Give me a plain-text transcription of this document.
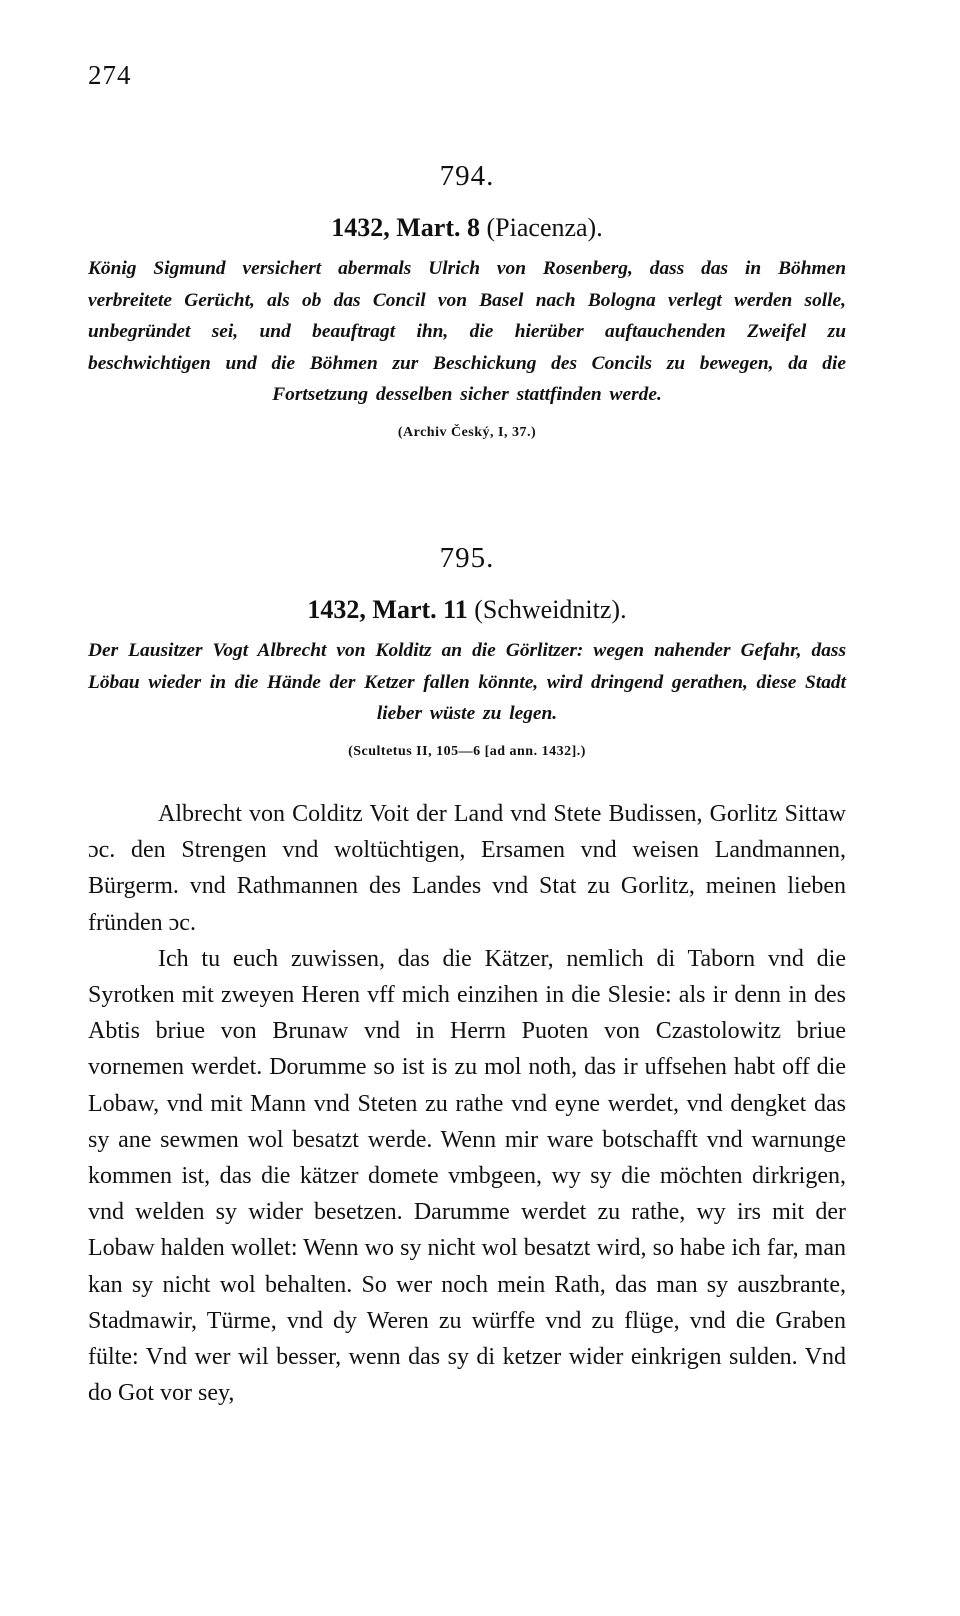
274
794.
1432, Mart. 8 (Piacenza).
König Sigmund versichert abermals Ulrich von Rosenberg, dass das in Böhmen verbreitete Gerücht, als ob das Concil von Basel nach Bologna verlegt werden solle, unbegründet sei, und beauftragt ihn, die hierüber auftauchenden Zweifel zu beschwichtigen und die Böhmen zur Beschickung des Concils zu bewegen, da die Fortsetzung desselben sicher stattfinden werde.
(Archiv Český, I, 37.)
795.
1432, Mart. 11 (Schweidnitz).
Der Lausitzer Vogt Albrecht von Kolditz an die Görlitzer: wegen nahender Gefahr, dass Löbau wieder in die Hände der Ketzer fallen könnte, wird dringend gerathen, diese Stadt lieber wüste zu legen.
(Scultetus II, 105—6 [ad ann. 1432].)

Albrecht von Colditz Voit der Land vnd Stete Budissen, Gorlitz Sittaw ɔc. den Strengen vnd woltüchtigen, Ersamen vnd weisen Landmannen, Bürgerm. vnd Rathmannen des Landes vnd Stat zu Gorlitz, meinen lieben fründen ɔc.

Ich tu euch zuwissen, das die Kätzer, nemlich di Taborn vnd die Syrotken mit zweyen Heren vff mich einzihen in die Slesie: als ir denn in des Abtis briue von Brunaw vnd in Herrn Puoten von Czastolowitz briue vornemen werdet. Dorumme so ist is zu mol noth, das ir uffsehen habt off die Lobaw, vnd mit Mann vnd Steten zu rathe vnd eyne werdet, vnd dengket das sy ane sewmen wol besatzt werde. Wenn mir ware botschafft vnd warnunge kommen ist, das die kätzer domete vmbgeen, wy sy die möchten dirkrigen, vnd welden sy wider besetzen. Darumme werdet zu rathe, wy irs mit der Lobaw halden wollet: Wenn wo sy nicht wol besatzt wird, so habe ich far, man kan sy nicht wol behalten. So wer noch mein Rath, das man sy auszbrante, Stadmawir, Türme, vnd dy Weren zu würffe vnd zu flüge, vnd die Graben fülte: Vnd wer wil besser, wenn das sy di ketzer wider einkrigen sulden. Vnd do Got vor sey,
